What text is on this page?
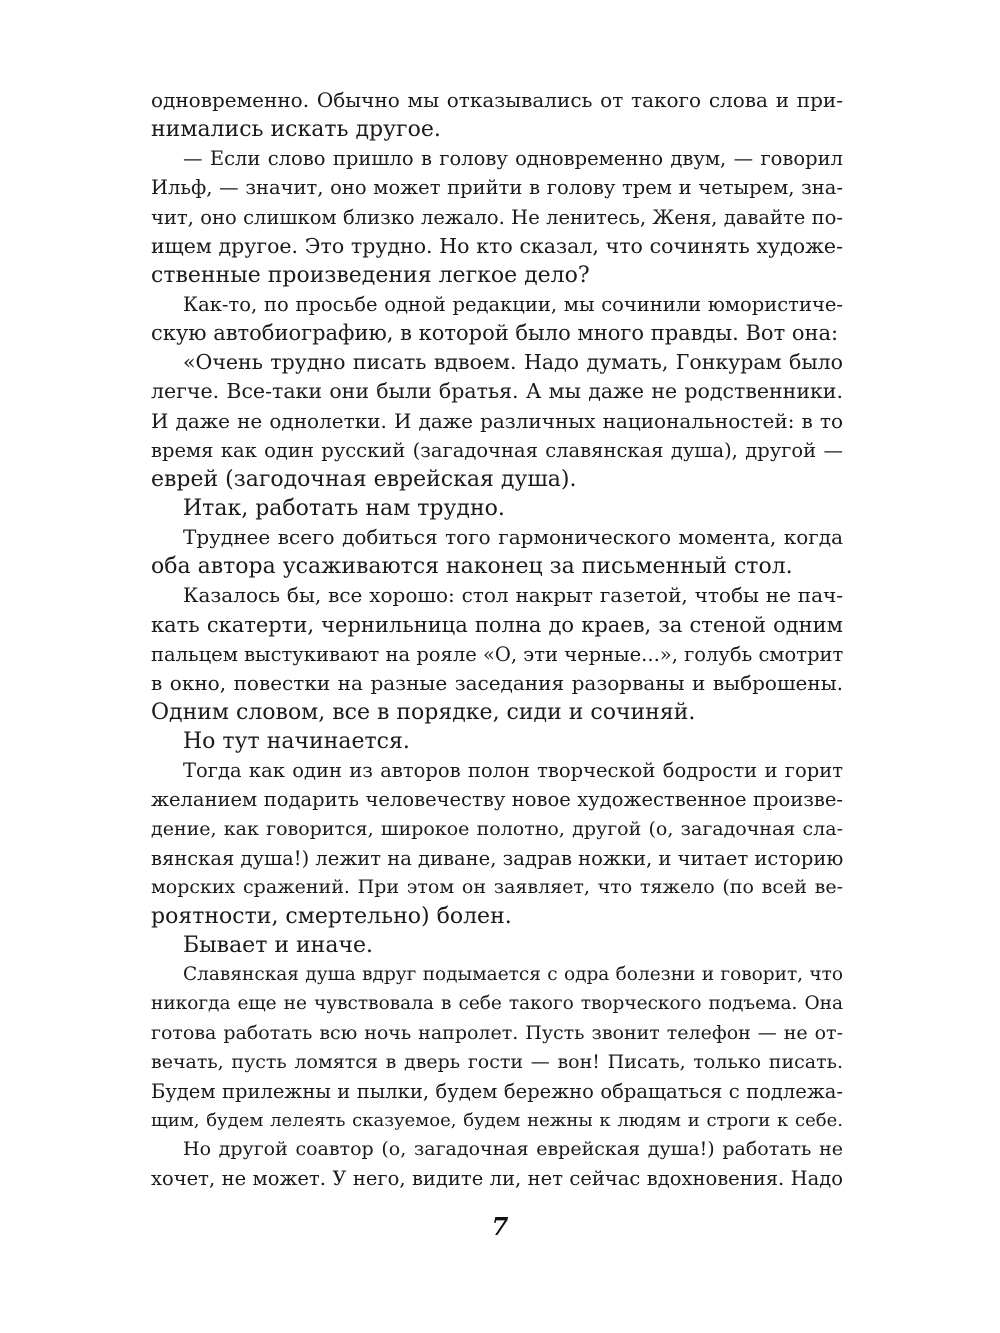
одновременно. Обычно мы отказывались от такого слова и при-
нимались искать другое.
— Если слово пришло в голову одновременно двум, — говорил
Ильф, — значит, оно может прийти в голову трем и четырем, зна-
чит, оно слишком близко лежало. Не ленитесь, Женя, давайте по-
ищем другое. Это трудно. Но кто сказал, что сочинять художе-
ственные произведения легкое дело?
Как-то, по просьбе одной редакции, мы сочинили юмористиче-
скую автобиографию, в которой было много правды. Вот она:
«Очень трудно писать вдвоем. Надо думать, Гонкурам было
легче. Все-таки они были братья. А мы даже не родственники.
И даже не однолетки. И даже различных национальностей: в то
время как один русский (загадочная славянская душа), другой —
еврей (загодочная еврейская душа).
Итак, работать нам трудно.
Труднее всего добиться того гармонического момента, когда
оба автора усаживаются наконец за письменный стол.
Казалось бы, все хорошо: стол накрыт газетой, чтобы не пач-
кать скатерти, чернильница полна до краев, за стеной одним
пальцем выстукивают на рояле «О, эти черные...», голубь смотрит
в окно, повестки на разные заседания разорваны и выброшены.
Одним словом, все в порядке, сиди и сочиняй.
Но тут начинается.
Тогда как один из авторов полон творческой бодрости и горит
желанием подарить человечеству новое художественное произве-
дение, как говорится, широкое полотно, другой (о, загадочная сла-
вянская душа!) лежит на диване, задрав ножки, и читает историю
морских сражений. При этом он заявляет, что тяжело (по всей ве-
роятности, смертельно) болен.
Бывает и иначе.
Славянская душа вдруг подымается с одра болезни и говорит, что
никогда еще не чувствовала в себе такого творческого подъема. Она
готова работать всю ночь напролет. Пусть звонит телефон — не от-
вечать, пусть ломятся в дверь гости — вон! Писать, только писать.
Будем прилежны и пылки, будем бережно обращаться с подлежа-
щим, будем лелеять сказуемое, будем нежны к людям и строги к себе.
Но другой соавтор (о, загадочная еврейская душа!) работать не
хочет, не может. У него, видите ли, нет сейчас вдохновения. Надо
7
